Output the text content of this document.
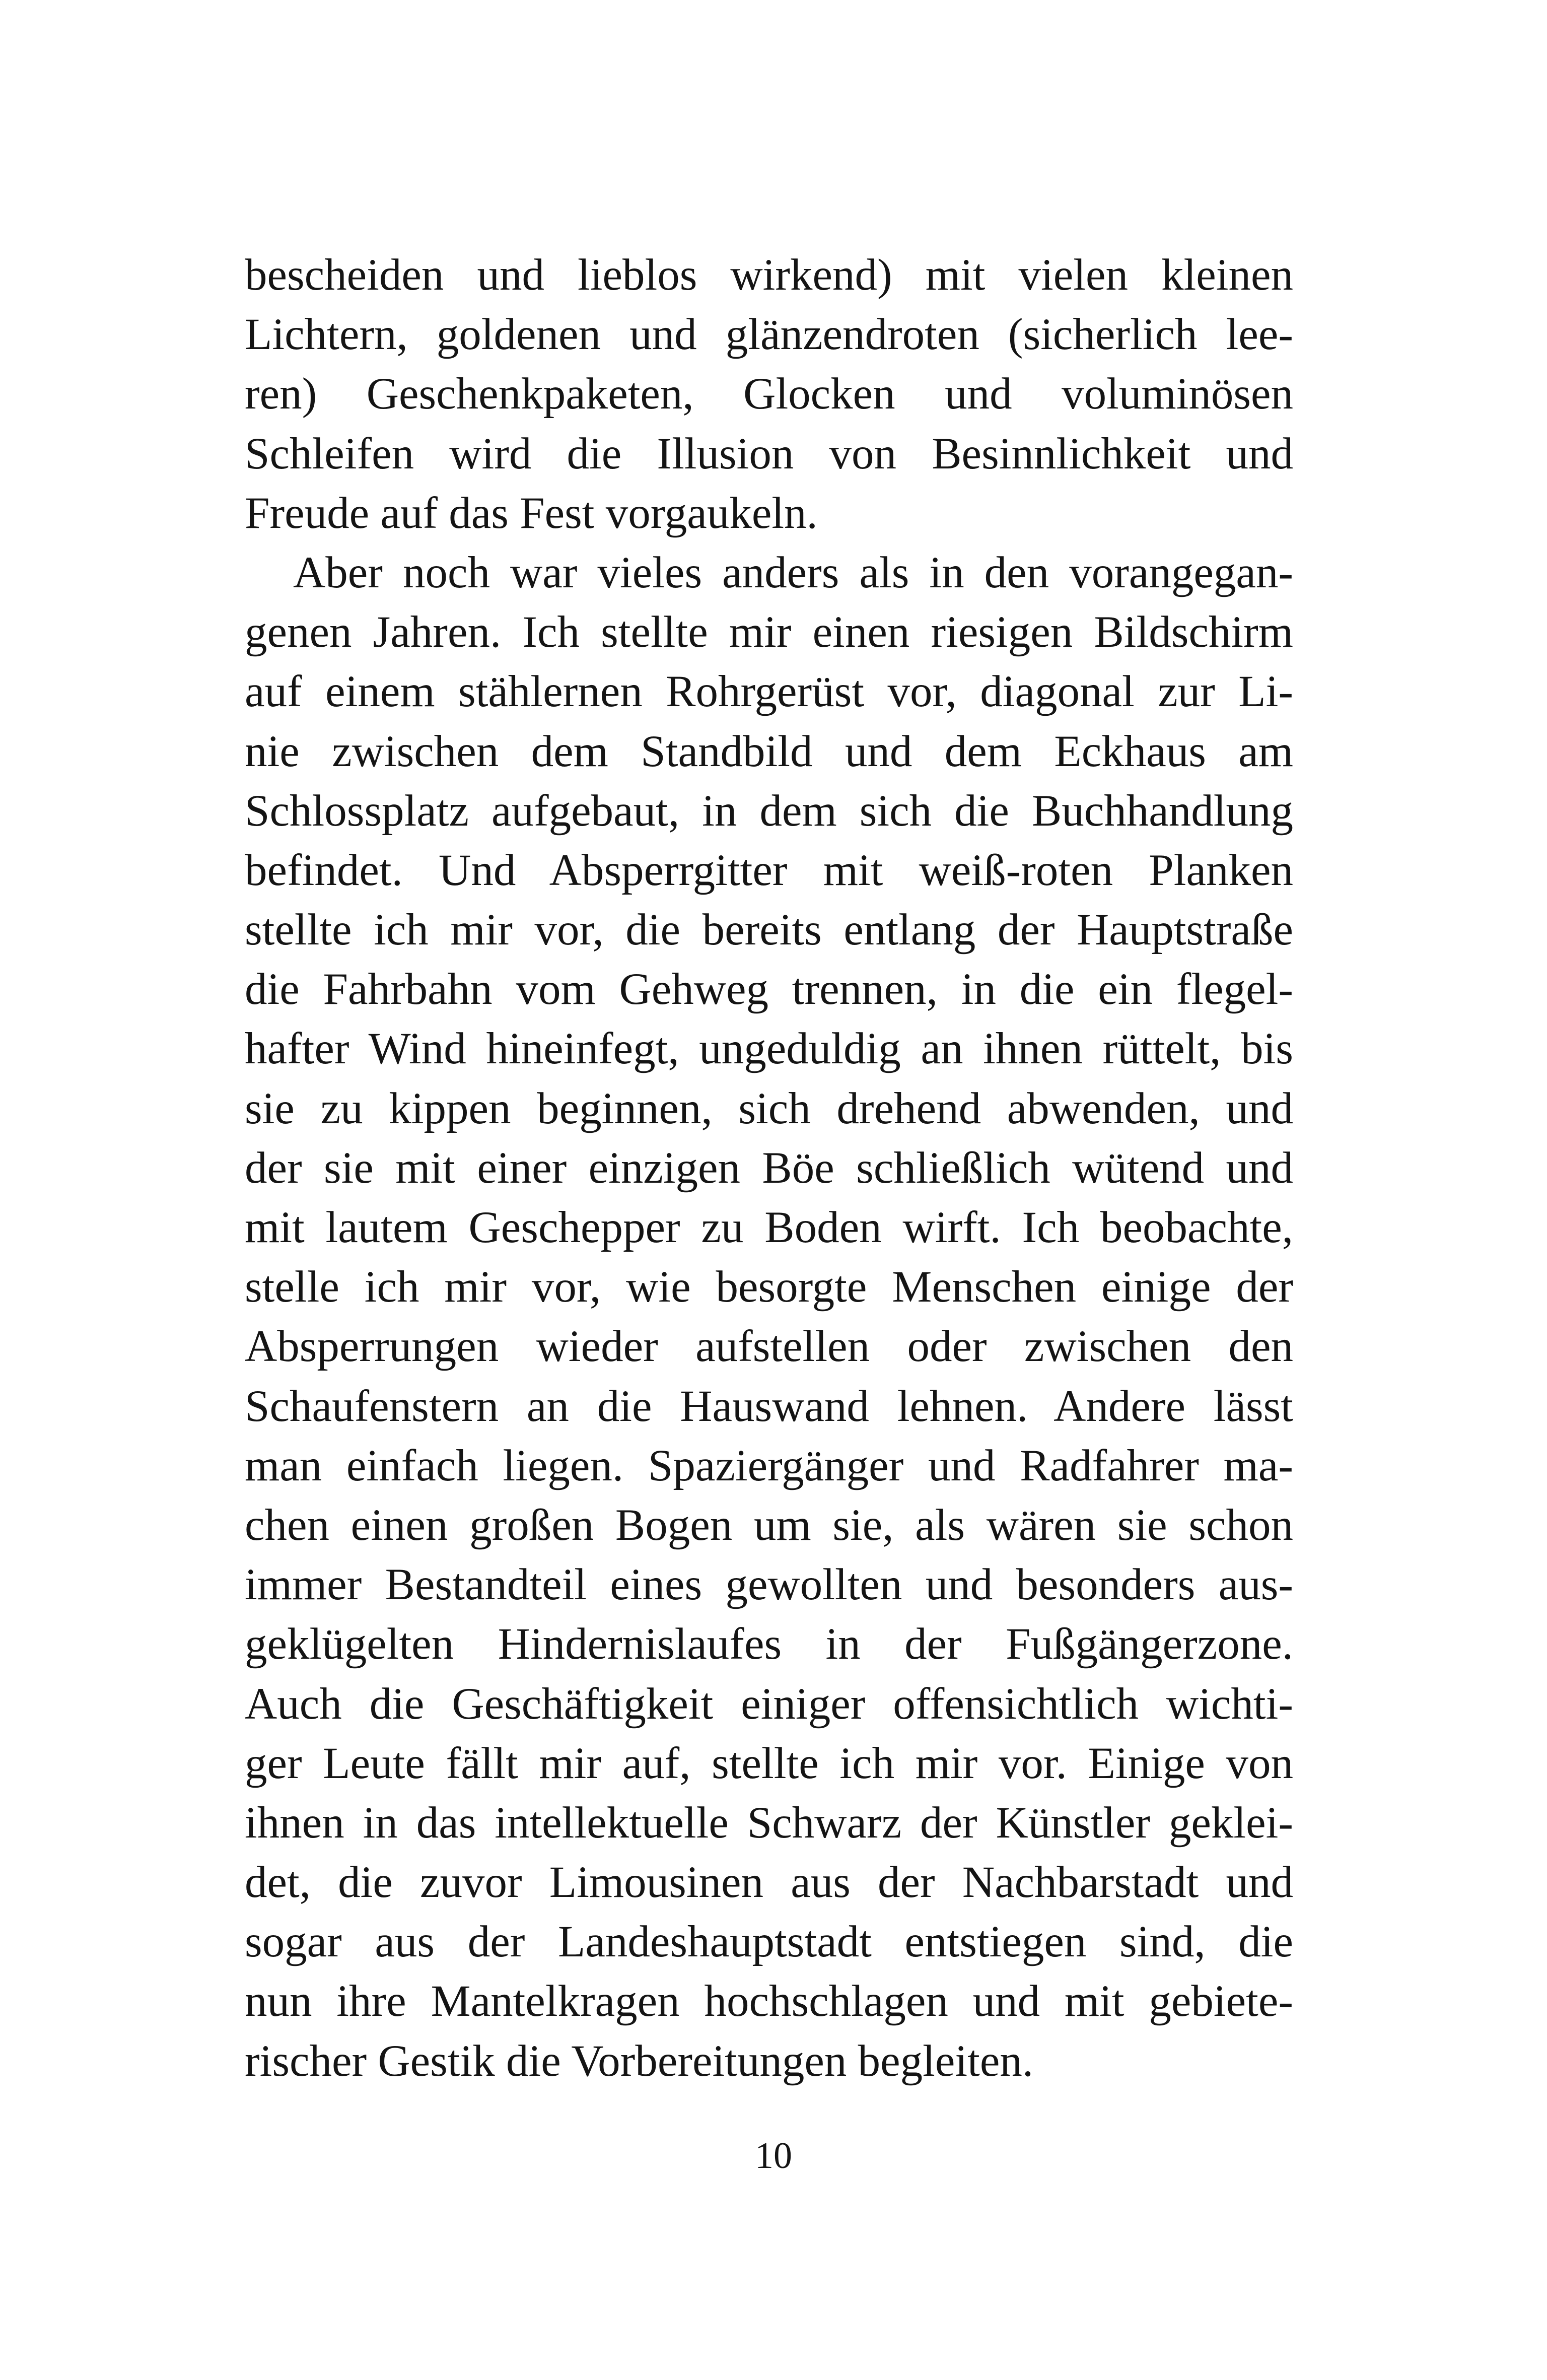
bescheiden und lieblos wirkend) mit vielen kleinen
Lichtern, goldenen und glänzendroten (sicherlich lee-
ren) Geschenkpaketen, Glocken und voluminösen
Schleifen wird die Illusion von Besinnlichkeit und
Freude auf das Fest vorgaukeln.
Aber noch war vieles anders als in den vorangegan-
genen Jahren. Ich stellte mir einen riesigen Bildschirm
auf einem stählernen Rohrgerüst vor, diagonal zur Li-
nie zwischen dem Standbild und dem Eckhaus am
Schlossplatz aufgebaut, in dem sich die Buchhandlung
befindet. Und Absperrgitter mit weiß-roten Planken
stellte ich mir vor, die bereits entlang der Hauptstraße
die Fahrbahn vom Gehweg trennen, in die ein flegel-
hafter Wind hineinfegt, ungeduldig an ihnen rüttelt, bis
sie zu kippen beginnen, sich drehend abwenden, und
der sie mit einer einzigen Böe schließlich wütend und
mit lautem Geschepper zu Boden wirft. Ich beobachte,
stelle ich mir vor, wie besorgte Menschen einige der
Absperrungen wieder aufstellen oder zwischen den
Schaufenstern an die Hauswand lehnen. Andere lässt
man einfach liegen. Spaziergänger und Radfahrer ma-
chen einen großen Bogen um sie, als wären sie schon
immer Bestandteil eines gewollten und besonders aus-
geklügelten Hindernislaufes in der Fußgängerzone.
Auch die Geschäftigkeit einiger offensichtlich wichti-
ger Leute fällt mir auf, stellte ich mir vor. Einige von
ihnen in das intellektuelle Schwarz der Künstler geklei-
det, die zuvor Limousinen aus der Nachbarstadt und
sogar aus der Landeshauptstadt entstiegen sind, die
nun ihre Mantelkragen hochschlagen und mit gebiete-
rischer Gestik die Vorbereitungen begleiten.
10
